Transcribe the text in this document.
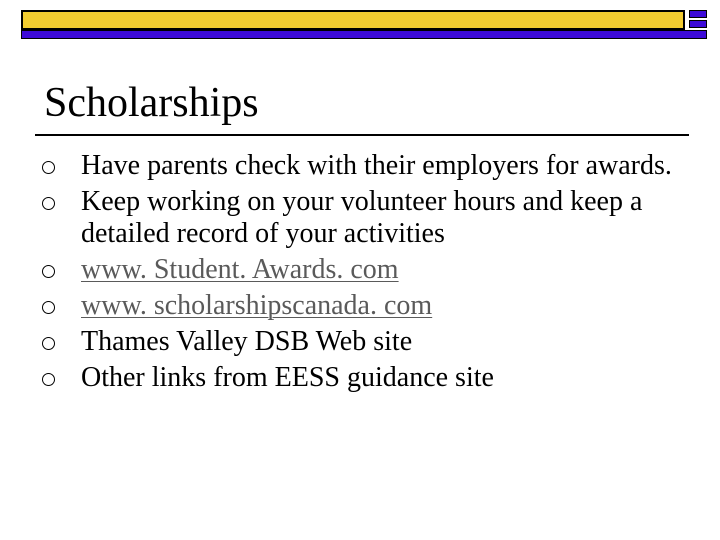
Scholarships
Have parents check with their employers for awards.
Keep working on your volunteer hours and keep a detailed record of your activities
www. Student. Awards. com
www. scholarshipscanada. com
Thames Valley DSB Web site
Other links from EESS guidance site
